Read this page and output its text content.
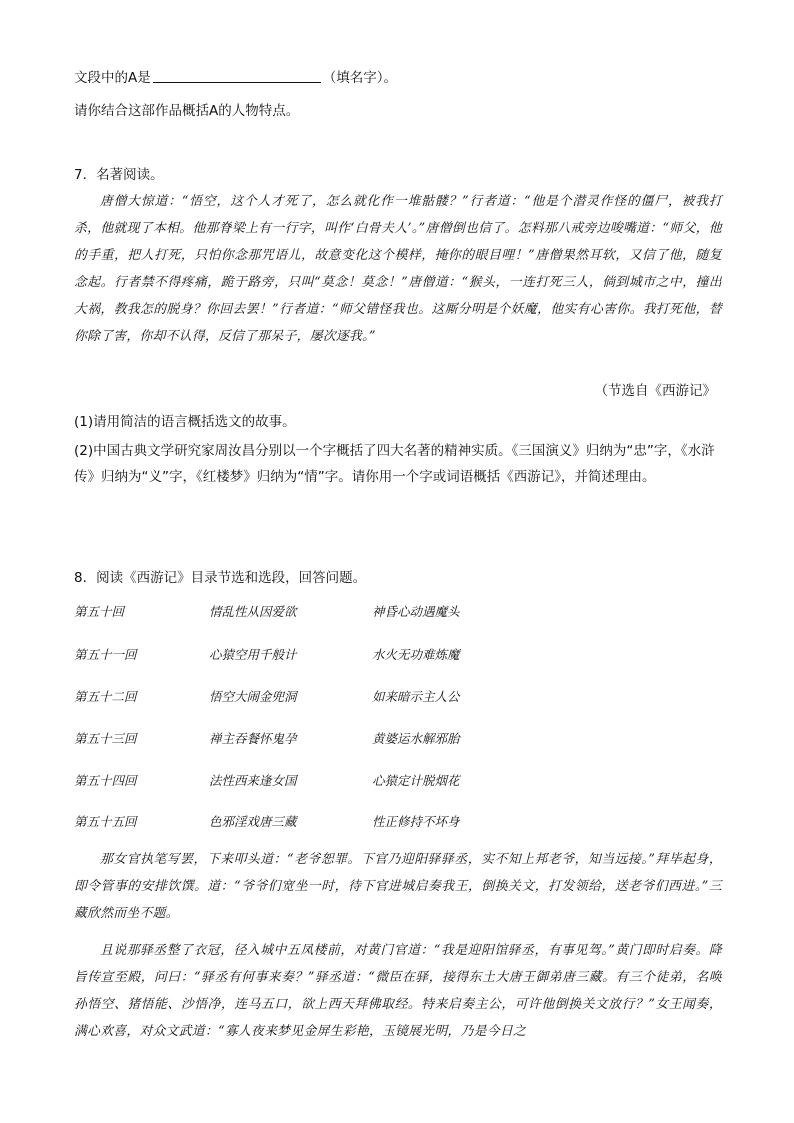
文段中的A是	（填名字）。
请你结合这部作品概括A的人物特点。
7．名著阅读。
唐僧大惊道：“悟空，这个人才死了，怎么就化作一堆骷髅？”行者道：“他是个潜灵作怪的僵尸，被我打杀，他就现了本相。他那脊梁上有一行字，叫作‘白骨夫人’。”唐僧倒也信了。怎料那八戒旁边唆嘴道：“师父，他的手重，把人打死，只怕你念那咒语儿，故意变化这个模样，掩你的眼目哩！”唐僧果然耳软，又信了他，随复念起。行者禁不得疼痛，跪于路旁，只叫“莫念！莫念！”唐僧道：“猴头，一连打死三人，倘到城市之中，撞出大祸，教我怎的脱身？你回去罢！”行者道：“师父错怪我也。这厮分明是个妖魔，他实有心害你。我打死他，替你除了害，你却不认得，反信了那呆子，屡次逐我。”
（节选自《西游记》
(1)请用简洁的语言概括选文的故事。
(2)中国古典文学研究家周汝昌分别以一个字概括了四大名著的精神实质。《三国演义》归纳为“忠”字，《水浒传》归纳为“义”字，《红楼梦》归纳为“情”字。请你用一个字或词语概括《西游记》，并简述理由。
8．阅读《西游记》目录节选和选段，回答问题。
第五十回	情乱性从因爱欲	神昏心动遇魔头
第五十一回	心猿空用千般计	水火无功难炼魔
第五十二回	悟空大闹金兜洞	如来暗示主人公
第五十三回	禅主吞餐怀鬼孕	黄婆运水解邪胎
第五十四回	法性西来逢女国	心猿定计脱烟花
第五十五回	色邪淫戏唐三藏	性正修持不坏身
那女官执笔写罢，下来叩头道：“老爷恕罪。下官乃迎阳驿驿丞，实不知上邦老爷，知当远接。”拜毕起身，即令管事的安排饮馔。道：“爷爷们宽坐一时，待下官进城启奏我王，倒换关文，打发领给，送老爷们西进。”三藏欣然而坐不题。
且说那驿丞整了衣冠，径入城中五凤楼前，对黄门官道：“我是迎阳馆驿丞，有事见驾。”黄门即时启奏。降旨传宣至殿，问曰：“驿丞有何事来奏？”驿丞道：“微臣在驿，接得东土大唐王御弟唐三藏。有三个徒弟，名唤孙悟空、猪悟能、沙悟净，连马五口，欲上西天拜佛取经。特来启奏主公，可许他倒换关文放行？”女王闻奏，满心欢喜，对众文武道：“寡人夜来梦见金屏生彩艳，玉镜展光明，乃是今日之
